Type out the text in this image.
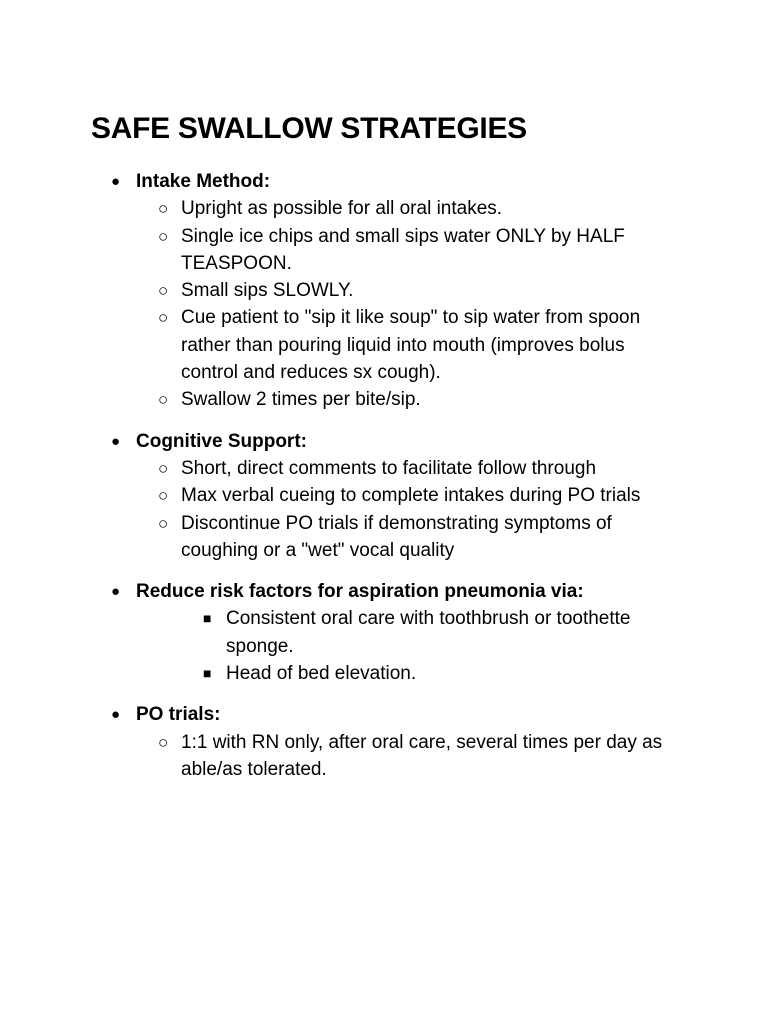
SAFE SWALLOW STRATEGIES
● Intake Method:
○ Upright as possible for all oral intakes.
○ Single ice chips and small sips water ONLY by HALF TEASPOON.
○ Small sips SLOWLY.
○ Cue patient to "sip it like soup" to sip water from spoon rather than pouring liquid into mouth (improves bolus control and reduces sx cough).
○ Swallow 2 times per bite/sip.
● Cognitive Support:
○ Short, direct comments to facilitate follow through
○ Max verbal cueing to complete intakes during PO trials
○ Discontinue PO trials if demonstrating symptoms of coughing or a "wet" vocal quality
● Reduce risk factors for aspiration pneumonia via:
■ Consistent oral care with toothbrush or toothette sponge.
■ Head of bed elevation.
● PO trials:
○ 1:1 with RN only, after oral care, several times per day as able/as tolerated.
